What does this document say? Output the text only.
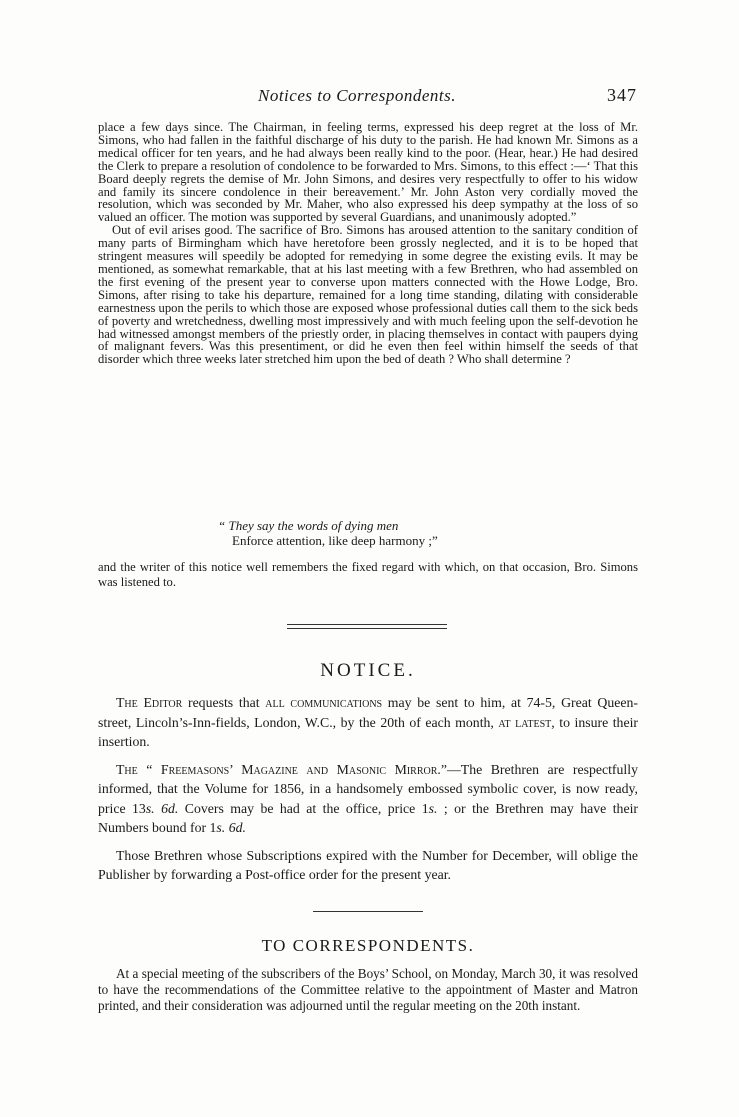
Notices to Correspondents.	347

place a few days since. The Chairman, in feeling terms, expressed his deep regret at the loss of Mr. Simons, who had fallen in the faithful discharge of his duty to the parish. He had known Mr. Simons as a medical officer for ten years, and he had always been really kind to the poor. (Hear, hear.) He had desired the Clerk to prepare a resolution of condolence to be forwarded to Mrs. Simons, to this effect :—‘ That this Board deeply regrets the demise of Mr. John Simons, and desires very respectfully to offer to his widow and family its sincere condolence in their bereavement.’ Mr. John Aston very cordially moved the resolution, which was seconded by Mr. Maher, who also expressed his deep sympathy at the loss of so valued an officer. The motion was supported by several Guardians, and unanimously adopted.”

Out of evil arises good. The sacrifice of Bro. Simons has aroused attention to the sanitary condition of many parts of Birmingham which have heretofore been grossly neglected, and it is to be hoped that stringent measures will speedily be adopted for remedying in some degree the existing evils. It may be mentioned, as somewhat remarkable, that at his last meeting with a few Brethren, who had assembled on the first evening of the present year to converse upon matters connected with the Howe Lodge, Bro. Simons, after rising to take his departure, remained for a long time standing, dilating with considerable earnestness upon the perils to which those are exposed whose professional duties call them to the sick beds of poverty and wretchedness, dwelling most impressively and with much feeling upon the self-devotion he had witnessed amongst members of the priestly order, in placing themselves in contact with paupers dying of malignant fevers. Was this presentiment, or did he even then feel within himself the seeds of that disorder which three weeks later stretched him upon the bed of death ? Who shall determine ?

“ They say the words of dying men
Enforce attention, like deep harmony ;”

and the writer of this notice well remembers the fixed regard with which, on that occasion, Bro. Simons was listened to.

NOTICE.

The Editor requests that all communications may be sent to him, at 74-5, Great Queen-street, Lincoln’s-Inn-fields, London, W.C., by the 20th of each month, at latest, to insure their insertion.

The “ Freemasons’ Magazine and Masonic Mirror.”—The Brethren are respectfully informed, that the Volume for 1856, in a handsomely embossed symbolic cover, is now ready, price 13s. 6d. Covers may be had at the office, price 1s. ; or the Brethren may have their Numbers bound for 1s. 6d.

Those Brethren whose Subscriptions expired with the Number for December, will oblige the Publisher by forwarding a Post-office order for the present year.

TO CORRESPONDENTS.

At a special meeting of the subscribers of the Boys’ School, on Monday, March 30, it was resolved to have the recommendations of the Committee relative to the appointment of Master and Matron printed, and their consideration was adjourned until the regular meeting on the 20th instant.
